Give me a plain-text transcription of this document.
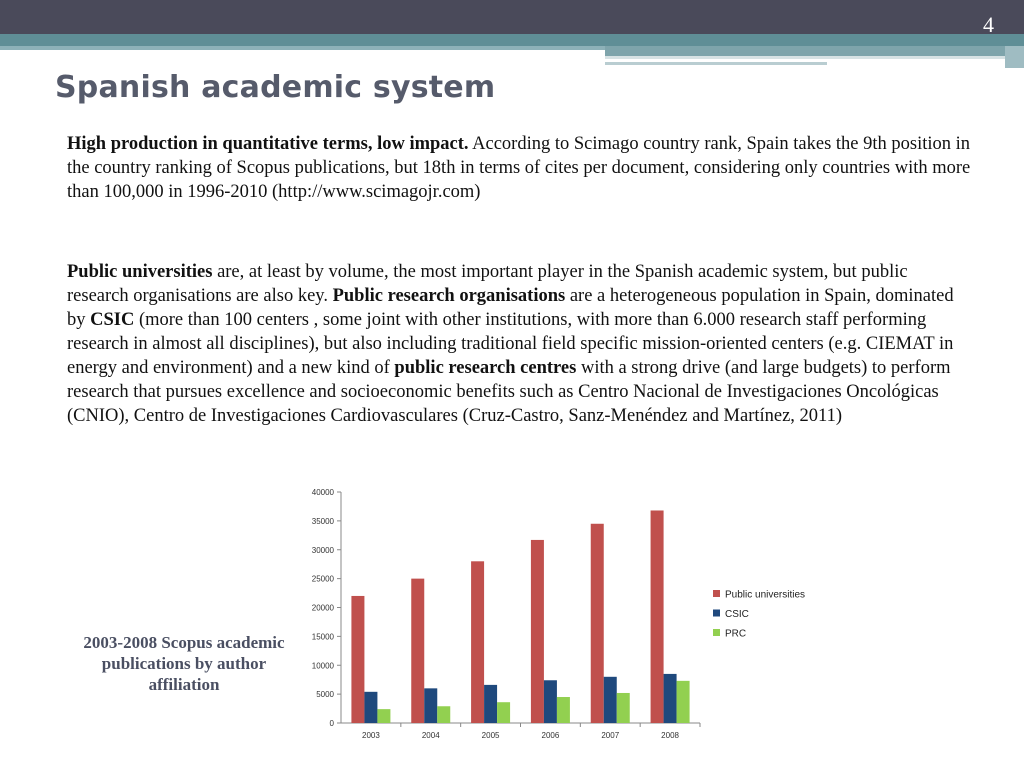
4
Spanish academic system
High production in quantitative terms, low impact. According to Scimago country rank, Spain takes the 9th position in the country ranking of Scopus publications, but 18th in terms of cites per document, considering only countries with more than 100,000 in 1996-2010 (http://www.scimagojr.com)
Public universities are, at least by volume, the most important player in the Spanish academic system, but public research organisations are also key. Public research organisations are a heterogeneous population in Spain, dominated by CSIC (more than 100 centers , some joint with other institutions, with more than 6.000 research staff performing research in almost all disciplines), but also including traditional field specific mission-oriented centers (e.g. CIEMAT in energy and environment) and a new kind of public research centres with a strong drive (and large budgets) to perform research that pursues excellence and socioeconomic benefits such as Centro Nacional de Investigaciones Oncológicas (CNIO), Centro de Investigaciones Cardiovasculares (Cruz-Castro, Sanz-Menéndez and Martínez, 2011)
2003-2008 Scopus academic publications by author affiliation
0
5000
10000
15000
20000
25000
30000
35000
40000
2003	2004	2005	2006	2007	2008
Public universities
CSIC
PRC
